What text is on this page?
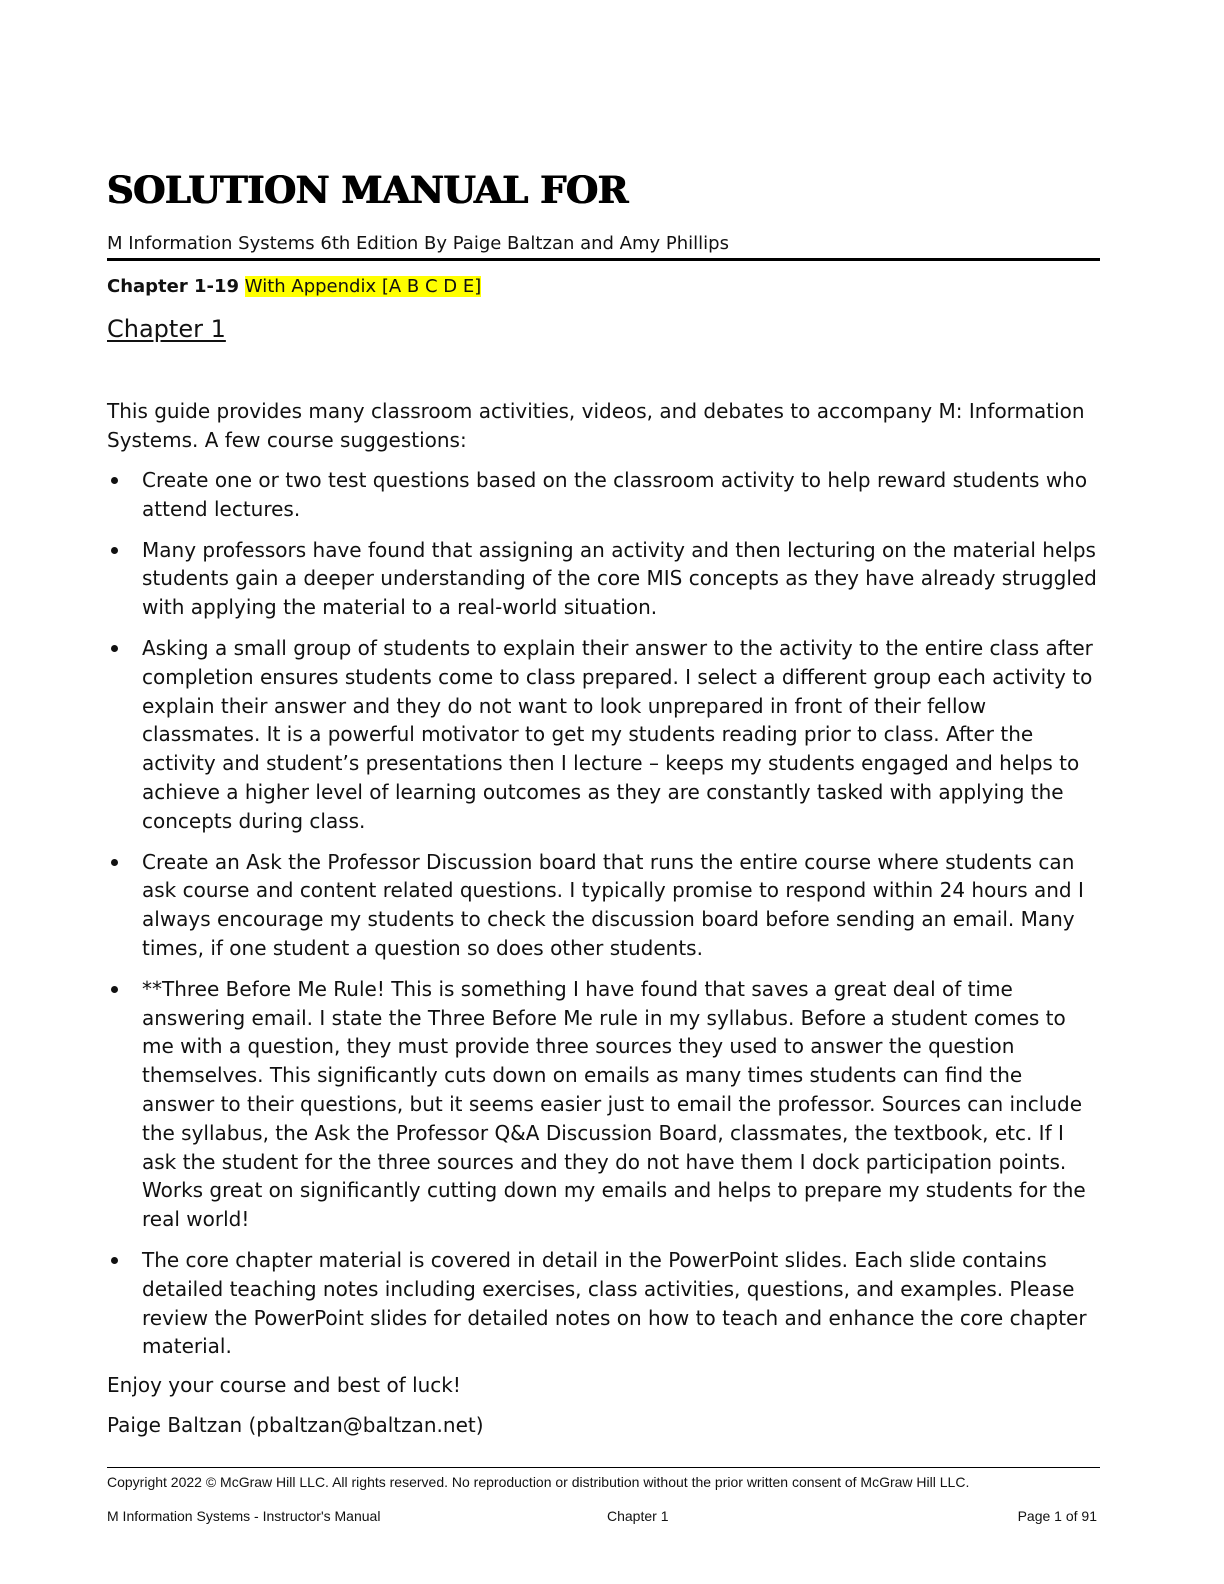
SOLUTION MANUAL FOR
M Information Systems 6th Edition By Paige Baltzan and Amy Phillips
Chapter 1-19 With Appendix [A B C D E]
Chapter 1

This guide provides many classroom activities, videos, and debates to accompany M: Information Systems. A few course suggestions:

Create one or two test questions based on the classroom activity to help reward students who attend lectures.
Many professors have found that assigning an activity and then lecturing on the material helps students gain a deeper understanding of the core MIS concepts as they have already struggled with applying the material to a real-world situation.
Asking a small group of students to explain their answer to the activity to the entire class after completion ensures students come to class prepared. I select a different group each activity to explain their answer and they do not want to look unprepared in front of their fellow classmates. It is a powerful motivator to get my students reading prior to class. After the activity and student’s presentations then I lecture – keeps my students engaged and helps to achieve a higher level of learning outcomes as they are constantly tasked with applying the concepts during class.
Create an Ask the Professor Discussion board that runs the entire course where students can ask course and content related questions. I typically promise to respond within 24 hours and I always encourage my students to check the discussion board before sending an email. Many times, if one student a question so does other students.
**Three Before Me Rule! This is something I have found that saves a great deal of time answering email. I state the Three Before Me rule in my syllabus. Before a student comes to me with a question, they must provide three sources they used to answer the question themselves. This significantly cuts down on emails as many times students can find the answer to their questions, but it seems easier just to email the professor. Sources can include the syllabus, the Ask the Professor Q&A Discussion Board, classmates, the textbook, etc. If I ask the student for the three sources and they do not have them I dock participation points. Works great on significantly cutting down my emails and helps to prepare my students for the real world!
The core chapter material is covered in detail in the PowerPoint slides. Each slide contains detailed teaching notes including exercises, class activities, questions, and examples. Please review the PowerPoint slides for detailed notes on how to teach and enhance the core chapter material.

Enjoy your course and best of luck!

Paige Baltzan (pbaltzan@baltzan.net)

Copyright 2022 © McGraw Hill LLC. All rights reserved. No reproduction or distribution without the prior written consent of McGraw Hill LLC.
M Information Systems - Instructor's Manual	Chapter 1	Page 1 of 91
